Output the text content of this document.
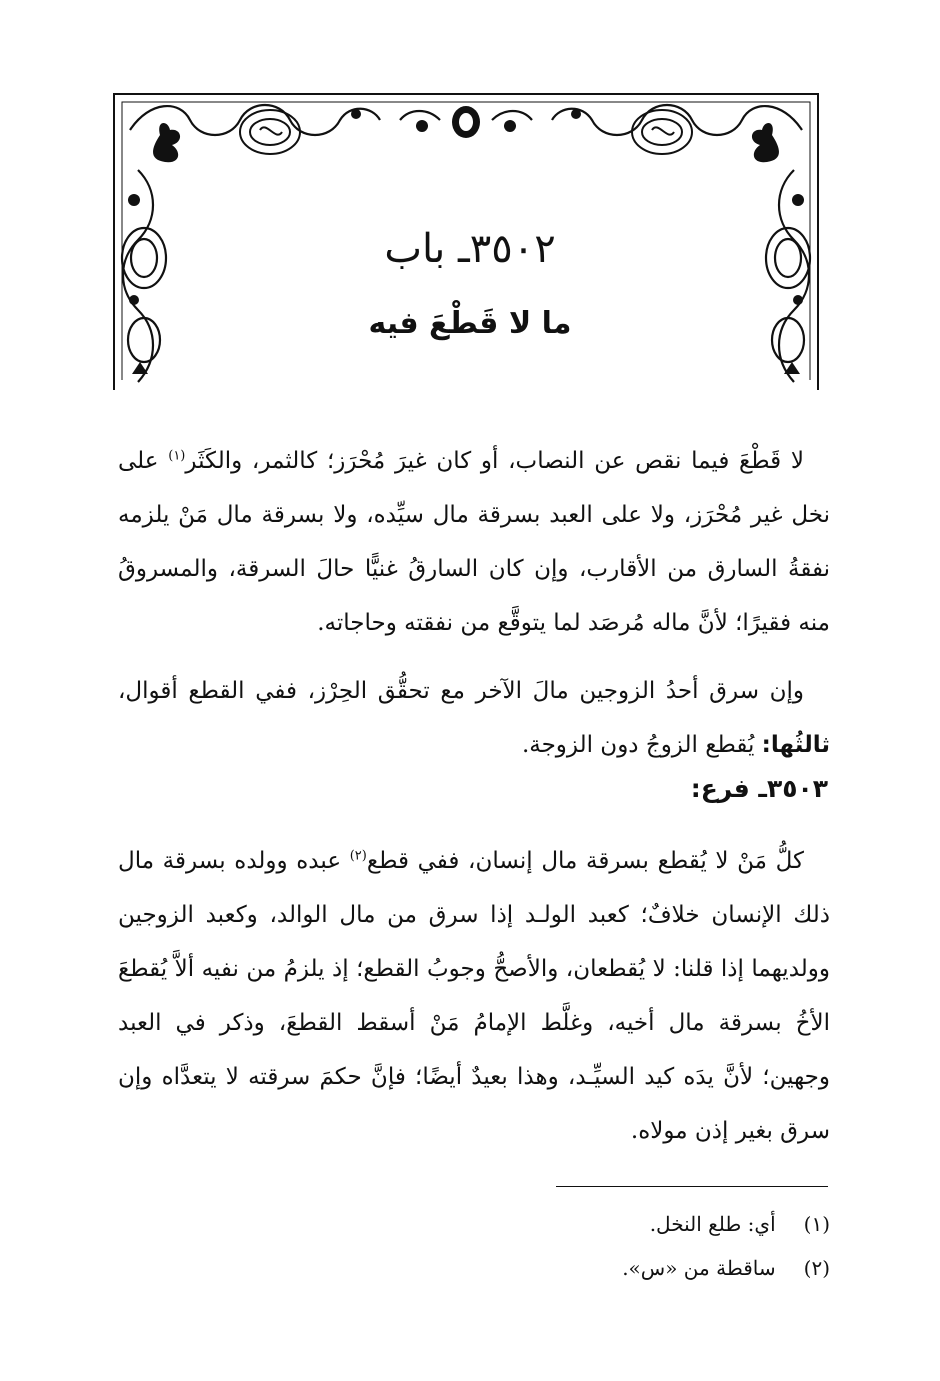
٣٥٠٢ـ باب
ما لا قَطْعَ فيه

لا قَطْعَ فيما نقص عن النصاب، أو كان غيرَ مُحْرَز؛ كالثمر، والكَثَر$^{(١)}$ على نخل غير مُحْرَز، ولا على العبد بسرقة مال سيِّده، ولا بسرقة مال مَنْ يلزمه نفقةُ السارق من الأقارب، وإن كان السارقُ غنيًّا حالَ السرقة، والمسروقُ منه فقيرًا؛ لأنَّ ماله مُرصَد لما يتوقَّع من نفقته وحاجاته.

وإن سرق أحدُ الزوجين مالَ الآخر مع تحقُّق الحِرْز، ففي القطع أقوال، ثالثُها: يُقطع الزوجُ دون الزوجة.

٣٥٠٣ـ فرع:

كلُّ مَنْ لا يُقطع بسرقة مال إنسان، ففي قطع$^{(٢)}$ عبده وولده بسرقة مال ذلك الإنسان خلافٌ؛ كعبد الولـد إذا سرق من مال الوالد، وكعبد الزوجين وولديهما إذا قلنا: لا يُقطعان، والأصحُّ وجوبُ القطع؛ إذ يلزمُ من نفيه ألاَّ يُقطعَ الأخُ بسرقة مال أخيه، وغلَّط الإمامُ مَنْ أسقط القطعَ، وذكر في العبد وجهين؛ لأنَّ يدَه كيد السيِّـد، وهذا بعيدٌ أيضًا؛ فإنَّ حكمَ سرقته لا يتعدَّاه وإن سرق بغير إذن مولاه.

(١) أي: طلع النخل.
(٢) ساقطة من «س».
